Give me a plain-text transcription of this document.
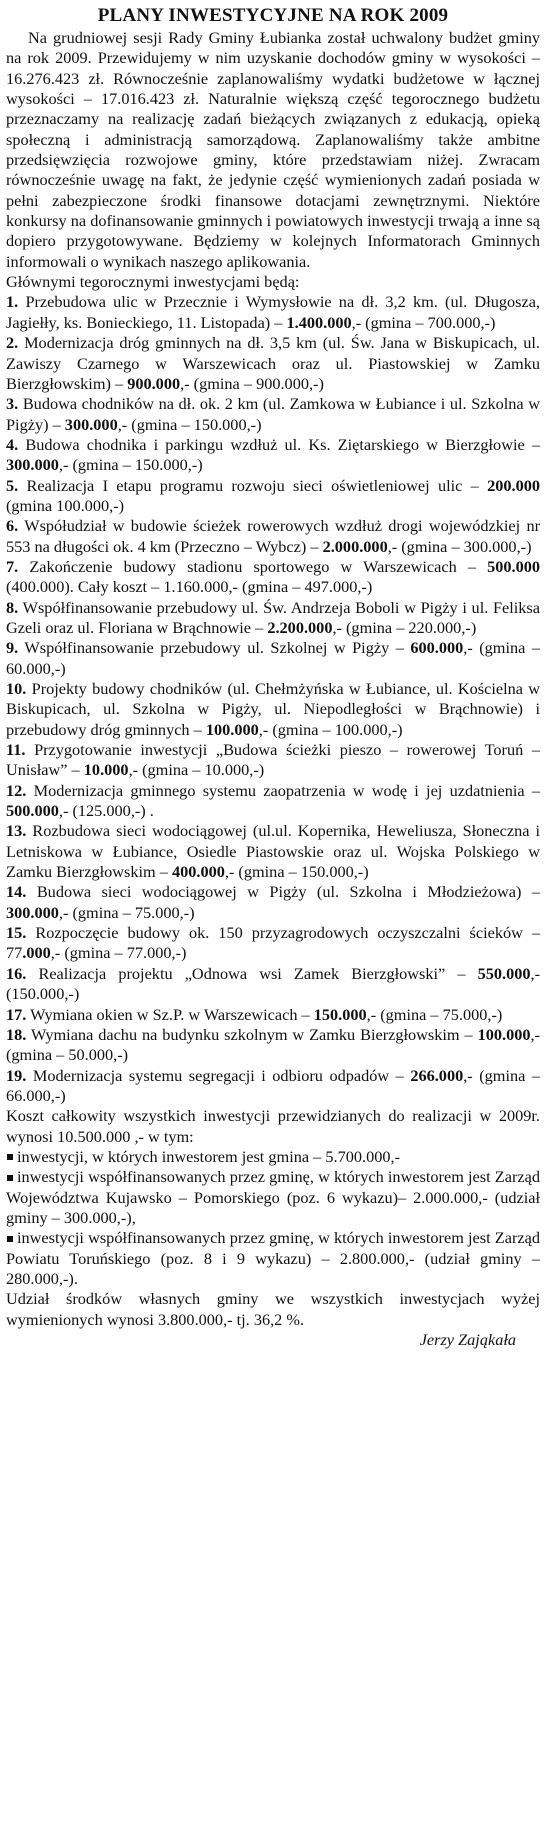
PLANY INWESTYCYJNE NA ROK 2009

Na grudniowej sesji Rady Gminy Łubianka został uchwalony budżet gminy na rok 2009. Przewidujemy w nim uzyskanie dochodów gminy w wysokości – 16.276.423 zł. Równocześnie zaplanowaliśmy wydatki budżetowe w łącznej wysokości – 17.016.423 zł. Naturalnie większą część tegorocznego budżetu przeznaczamy na realizację zadań bieżących związanych z edukacją, opieką społeczną i administracją samorządową. Zaplanowaliśmy także ambitne przedsięwzięcia rozwojowe gminy, które przedstawiam niżej. Zwracam równocześnie uwagę na fakt, że jedynie część wymienionych zadań posiada w pełni zabezpieczone środki finansowe dotacjami zewnętrznymi. Niektóre konkursy na dofinansowanie gminnych i powiatowych inwestycji trwają a inne są dopiero przygotowywane. Będziemy w kolejnych Informatorach Gminnych informowali o wynikach naszego aplikowania.

Głównymi tegorocznymi inwestycjami będą:

1. Przebudowa ulic w Przecznie i Wymysłowie na dł. 3,2 km. (ul. Długosza, Jagiełły, ks. Bonieckiego, 11. Listopada) – 1.400.000,- (gmina – 700.000,-)

2. Modernizacja dróg gminnych na dł. 3,5 km (ul. Św. Jana w Biskupicach, ul. Zawiszy Czarnego w Warszewicach oraz ul. Piastowskiej w Zamku Bierzgłowskim) – 900.000,- (gmina – 900.000,-)

3. Budowa chodników na dł. ok. 2 km (ul. Zamkowa w Łubiance i ul. Szkolna w Pigży) – 300.000,- (gmina – 150.000,-)

4. Budowa chodnika i parkingu wzdłuż ul. Ks. Ziętarskiego w Bierzgłowie – 300.000,- (gmina – 150.000,-)

5. Realizacja I etapu programu rozwoju sieci oświetleniowej ulic – 200.000 (gmina 100.000,-)

6. Współudział w budowie ścieżek rowerowych wzdłuż drogi wojewódzkiej nr 553 na długości ok. 4 km (Przeczno – Wybcz) – 2.000.000,- (gmina – 300.000,-)

7. Zakończenie budowy stadionu sportowego w Warszewicach – 500.000 (400.000). Cały koszt – 1.160.000,- (gmina – 497.000,-)

8. Współfinansowanie przebudowy ul. Św. Andrzeja Boboli w Pigży i ul. Feliksa Gzeli oraz ul. Floriana w Brąchnowie – 2.200.000,- (gmina – 220.000,-)

9. Współfinansowanie przebudowy ul. Szkolnej w Pigży – 600.000,- (gmina – 60.000,-)

10. Projekty budowy chodników (ul. Chełmżyńska w Łubiance, ul. Kościelna w Biskupicach, ul. Szkolna w Pigży, ul. Niepodległości w Brąchnowie) i przebudowy dróg gminnych – 100.000,- (gmina – 100.000,-)

11. Przygotowanie inwestycji „Budowa ścieżki pieszo – rowerowej Toruń – Unisław” – 10.000,- (gmina – 10.000,-)

12. Modernizacja gminnego systemu zaopatrzenia w wodę i jej uzdatnienia – 500.000,- (125.000,-) .

13. Rozbudowa sieci wodociągowej (ul.ul. Kopernika, Heweliusza, Słoneczna i Letniskowa w Łubiance, Osiedle Piastowskie oraz ul. Wojska Polskiego w Zamku Bierzgłowskim – 400.000,- (gmina – 150.000,-)

14. Budowa sieci wodociągowej w Pigży (ul. Szkolna i Młodzieżowa) – 300.000,- (gmina – 75.000,-)

15. Rozpoczęcie budowy ok. 150 przyzagrodowych oczyszczalni ścieków – 77.000,- (gmina – 77.000,-)

16. Realizacja projektu „Odnowa wsi Zamek Bierzgłowski” – 550.000,- (150.000,-)

17. Wymiana okien w Sz.P. w Warszewicach – 150.000,- (gmina – 75.000,-)

18. Wymiana dachu na budynku szkolnym w Zamku Bierzgłowskim – 100.000,- (gmina – 50.000,-)

19. Modernizacja systemu segregacji i odbioru odpadów – 266.000,- (gmina – 66.000,-)

Koszt całkowity wszystkich inwestycji przewidzianych do realizacji w 2009r. wynosi 10.500.000 ,- w tym:

inwestycji, w których inwestorem jest gmina – 5.700.000,-

inwestycji współfinansowanych przez gminę, w których inwestorem jest Zarząd Województwa Kujawsko – Pomorskiego (poz. 6 wykazu)– 2.000.000,- (udział gminy – 300.000,-),

inwestycji współfinansowanych przez gminę, w których inwestorem jest Zarząd Powiatu Toruńskiego (poz. 8 i 9 wykazu) – 2.800.000,- (udział gminy – 280.000,-).

Udział środków własnych gminy we wszystkich inwestycjach wyżej wymienionych wynosi 3.800.000,- tj. 36,2 %.

Jerzy Zająkała
